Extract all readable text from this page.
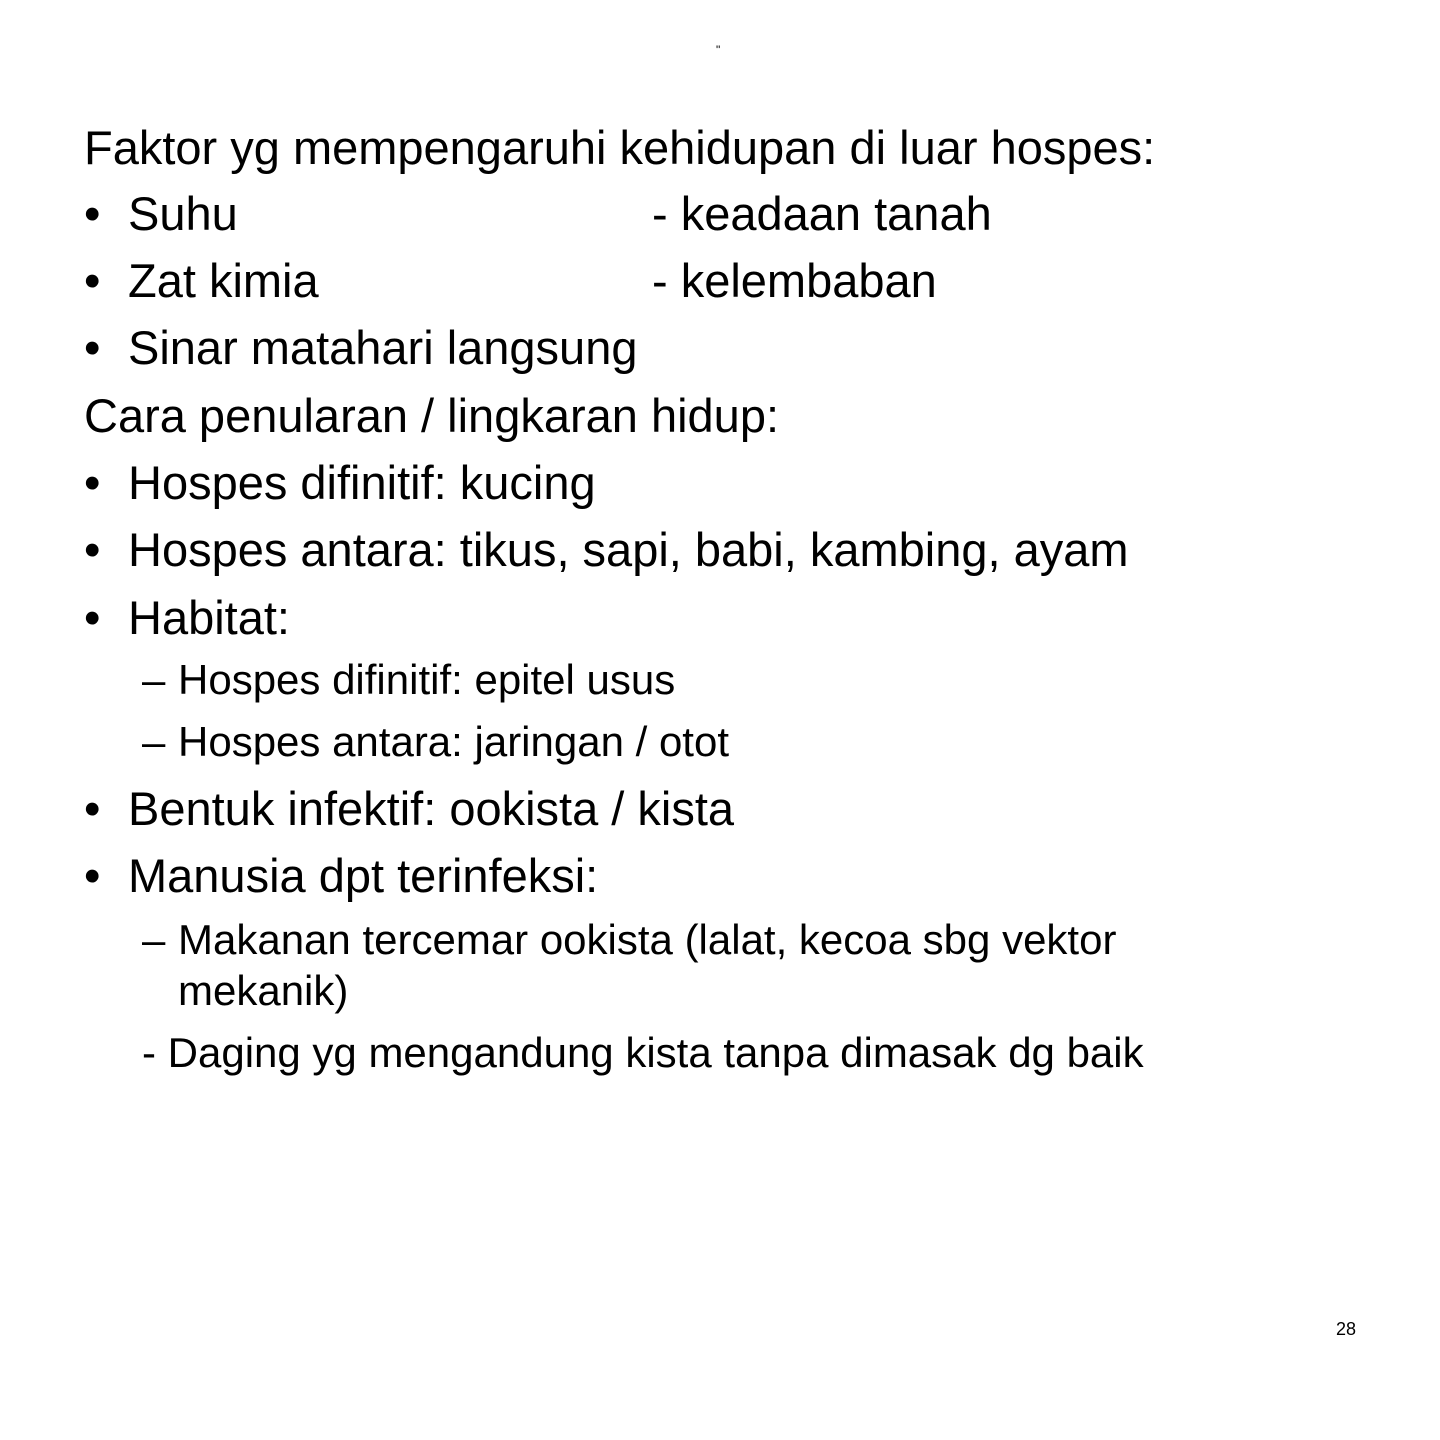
"
Faktor yg mempengaruhi kehidupan di luar hospes:
• Suhu	- keadaan tanah
• Zat kimia	- kelembaban
• Sinar matahari langsung
Cara penularan / lingkaran hidup:
• Hospes difinitif: kucing
• Hospes antara: tikus, sapi, babi, kambing, ayam
• Habitat:
– Hospes difinitif: epitel usus
– Hospes antara: jaringan / otot
• Bentuk infektif: ookista / kista
• Manusia dpt terinfeksi:
– Makanan tercemar ookista (lalat, kecoa sbg vektor
mekanik)
- Daging yg mengandung kista tanpa dimasak dg baik
28
